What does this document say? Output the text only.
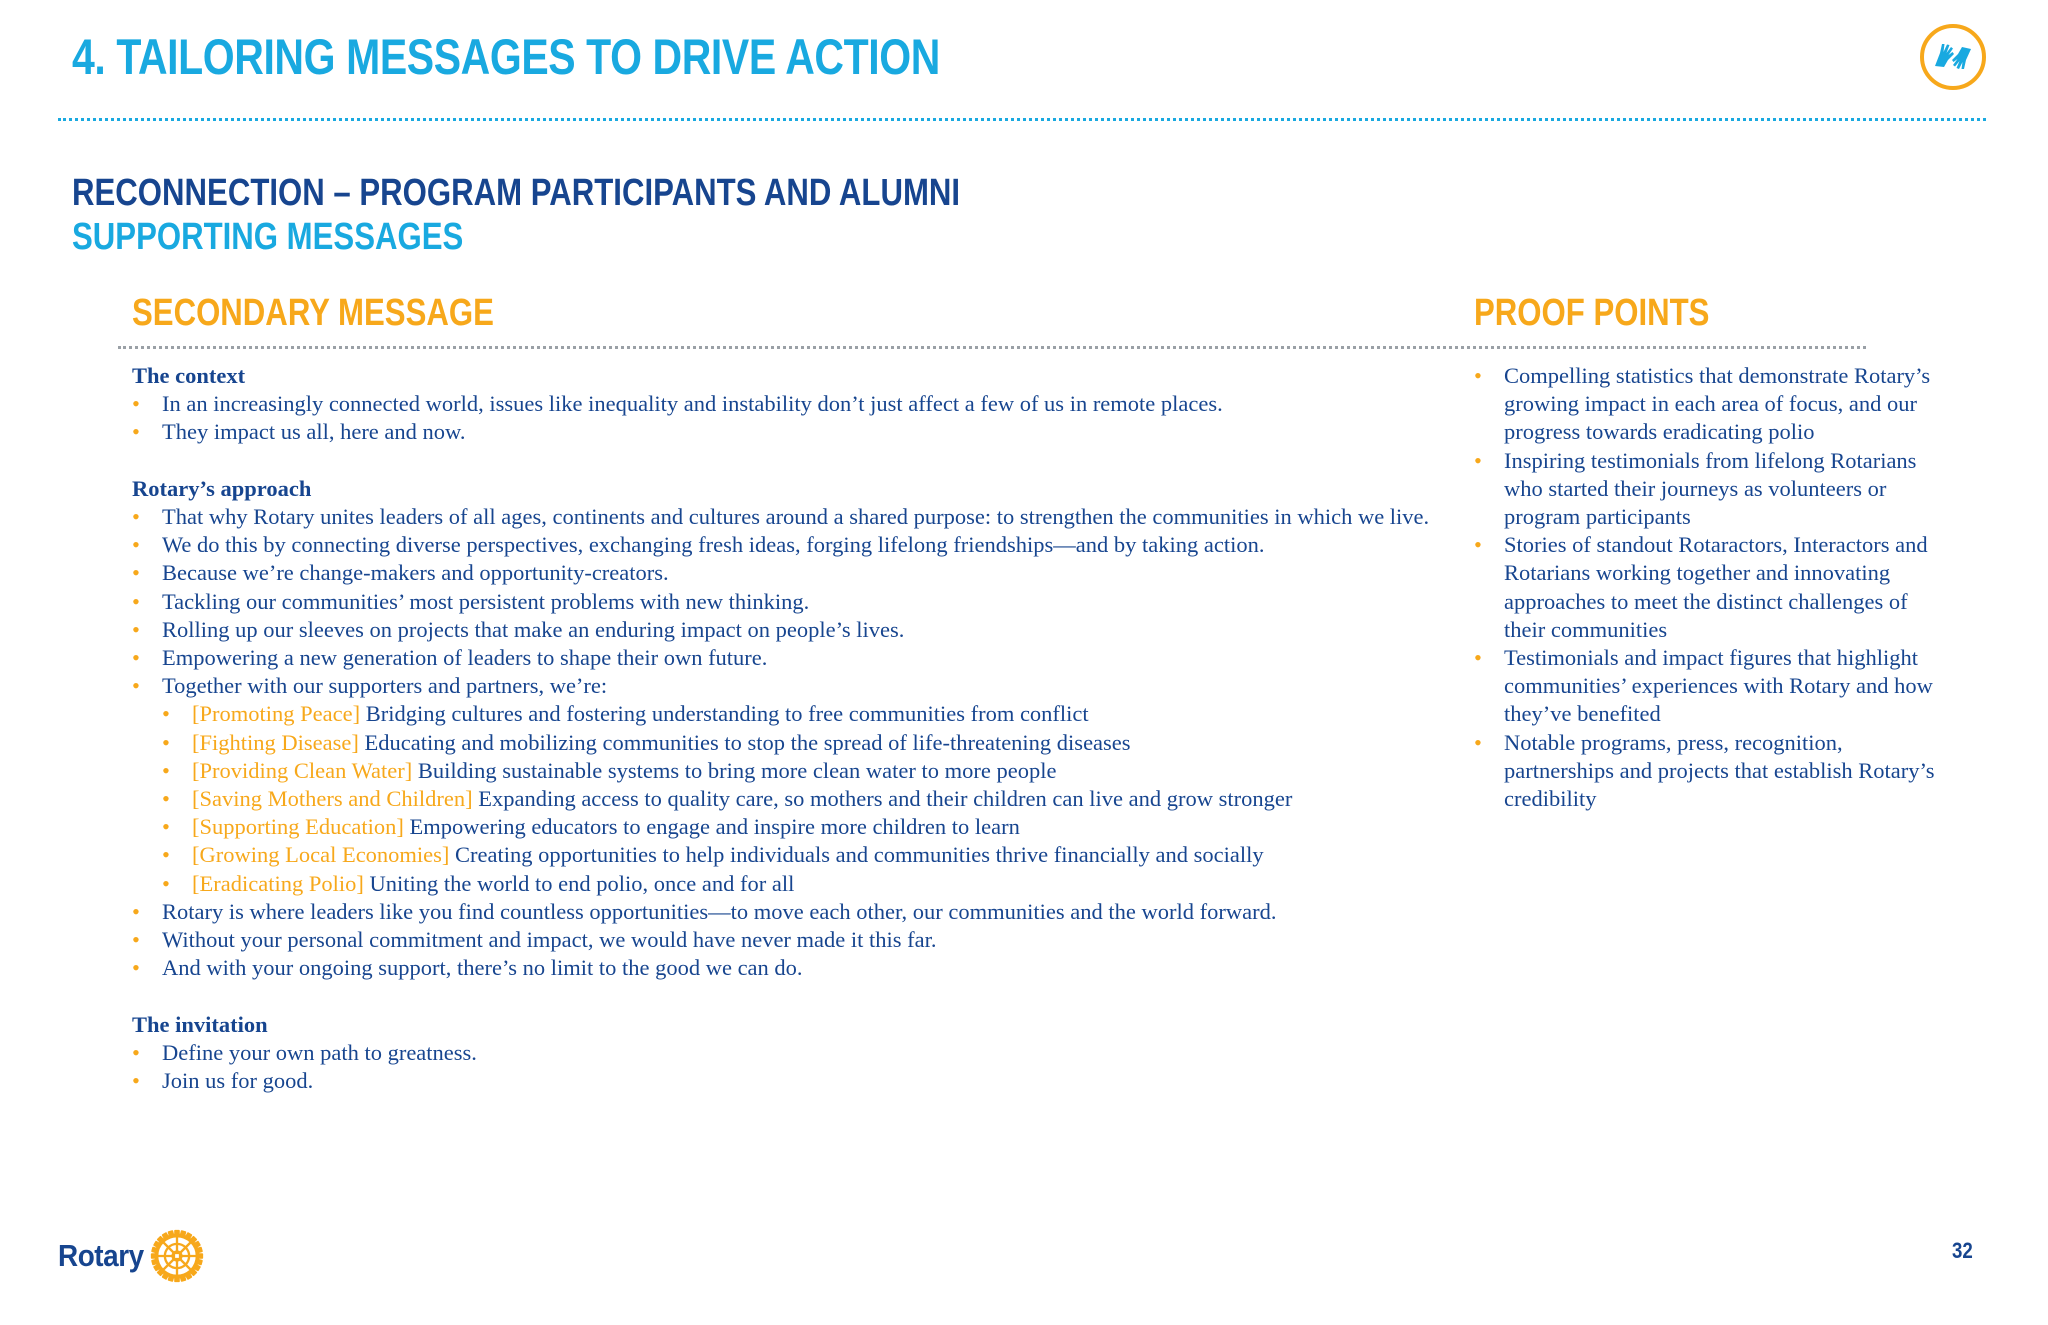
4. TAILORING MESSAGES TO DRIVE ACTION
RECONNECTION – PROGRAM PARTICIPANTS AND ALUMNI
SUPPORTING MESSAGES
SECONDARY MESSAGE	PROOF POINTS
The context
• In an increasingly connected world, issues like inequality and instability don’t just affect a few of us in remote places.
• They impact us all, here and now.
Rotary’s approach
• That why Rotary unites leaders of all ages, continents and cultures around a shared purpose: to strengthen the communities in which we live.
• We do this by connecting diverse perspectives, exchanging fresh ideas, forging lifelong friendships—and by taking action.
• Because we’re change-makers and opportunity-creators.
• Tackling our communities’ most persistent problems with new thinking.
• Rolling up our sleeves on projects that make an enduring impact on people’s lives.
• Empowering a new generation of leaders to shape their own future.
• Together with our supporters and partners, we’re:
• [Promoting Peace] Bridging cultures and fostering understanding to free communities from conflict
• [Fighting Disease] Educating and mobilizing communities to stop the spread of life-threatening diseases
• [Providing Clean Water] Building sustainable systems to bring more clean water to more people
• [Saving Mothers and Children] Expanding access to quality care, so mothers and their children can live and grow stronger
• [Supporting Education] Empowering educators to engage and inspire more children to learn
• [Growing Local Economies] Creating opportunities to help individuals and communities thrive financially and socially
• [Eradicating Polio] Uniting the world to end polio, once and for all
• Rotary is where leaders like you find countless opportunities—to move each other, our communities and the world forward.
• Without your personal commitment and impact, we would have never made it this far.
• And with your ongoing support, there’s no limit to the good we can do.
The invitation
• Define your own path to greatness.
• Join us for good.
• Compelling statistics that demonstrate Rotary’s growing impact in each area of focus, and our progress towards eradicating polio
• Inspiring testimonials from lifelong Rotarians who started their journeys as volunteers or program participants
• Stories of standout Rotaractors, Interactors and Rotarians working together and innovating approaches to meet the distinct challenges of their communities
• Testimonials and impact figures that highlight communities’ experiences with Rotary and how they’ve benefited
• Notable programs, press, recognition, partnerships and projects that establish Rotary’s credibility
Rotary	32
